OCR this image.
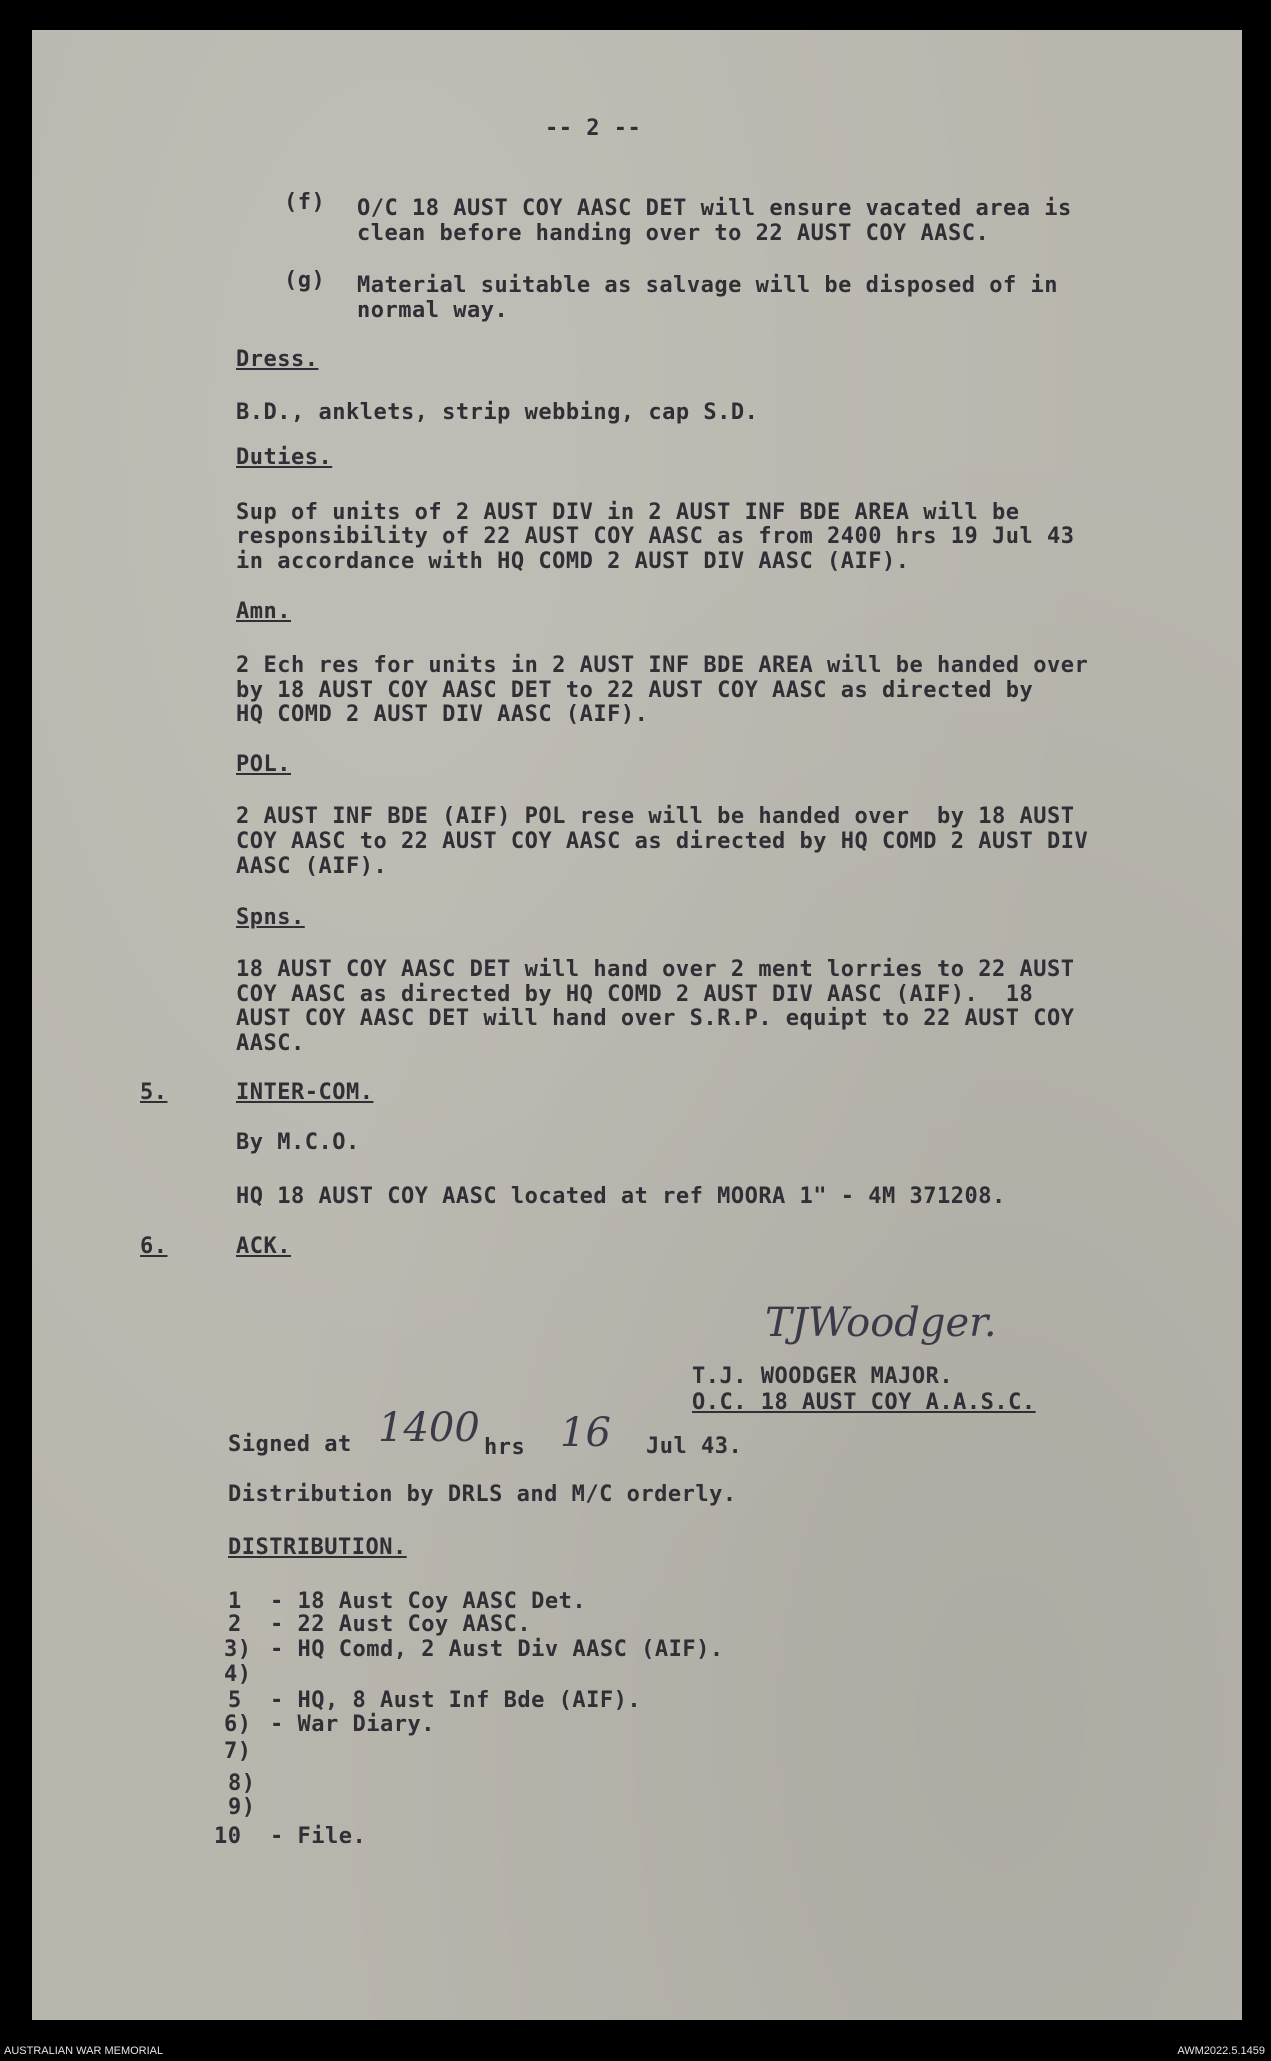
-- 2 --
(f) O/C 18 AUST COY AASC DET will ensure vacated area is
clean before handing over to 22 AUST COY AASC.
(g) Material suitable as salvage will be disposed of in
normal way.
Dress.
B.D., anklets, strip webbing, cap S.D.
Duties.
Sup of units of 2 AUST DIV in 2 AUST INF BDE AREA will be
responsibility of 22 AUST COY AASC as from 2400 hrs 19 Jul 43
in accordance with HQ COMD 2 AUST DIV AASC (AIF).
Amn.
2 Ech res for units in 2 AUST INF BDE AREA will be handed over
by 18 AUST COY AASC DET to 22 AUST COY AASC as directed by
HQ COMD 2 AUST DIV AASC (AIF).
POL.
2 AUST INF BDE (AIF) POL rese will be handed over  by 18 AUST
COY AASC to 22 AUST COY AASC as directed by HQ COMD 2 AUST DIV
AASC (AIF).
Spns.
18 AUST COY AASC DET will hand over 2 ment lorries to 22 AUST
COY AASC as directed by HQ COMD 2 AUST DIV AASC (AIF).  18
AUST COY AASC DET will hand over S.R.P. equipt to 22 AUST COY
AASC.
5.	INTER-COM.
By M.C.O.
HQ 18 AUST COY AASC located at ref MOORA 1" - 4M 371208.
6.	ACK.
TJWoodger.
T.J. WOODGER MAJOR.
O.C. 18 AUST COY A.A.S.C.
Signed at 1400 hrs 16 Jul 43.
Distribution by DRLS and M/C orderly.
DISTRIBUTION.
1 - 18 Aust Coy AASC Det.
2 - 22 Aust Coy AASC.
3) - HQ Comd, 2 Aust Div AASC (AIF).
4)
5 - HQ, 8 Aust Inf Bde (AIF).
6) - War Diary.
7)
8)
9)
10 - File.
AUSTRALIAN WAR MEMORIAL	AWM2022.5.1459
